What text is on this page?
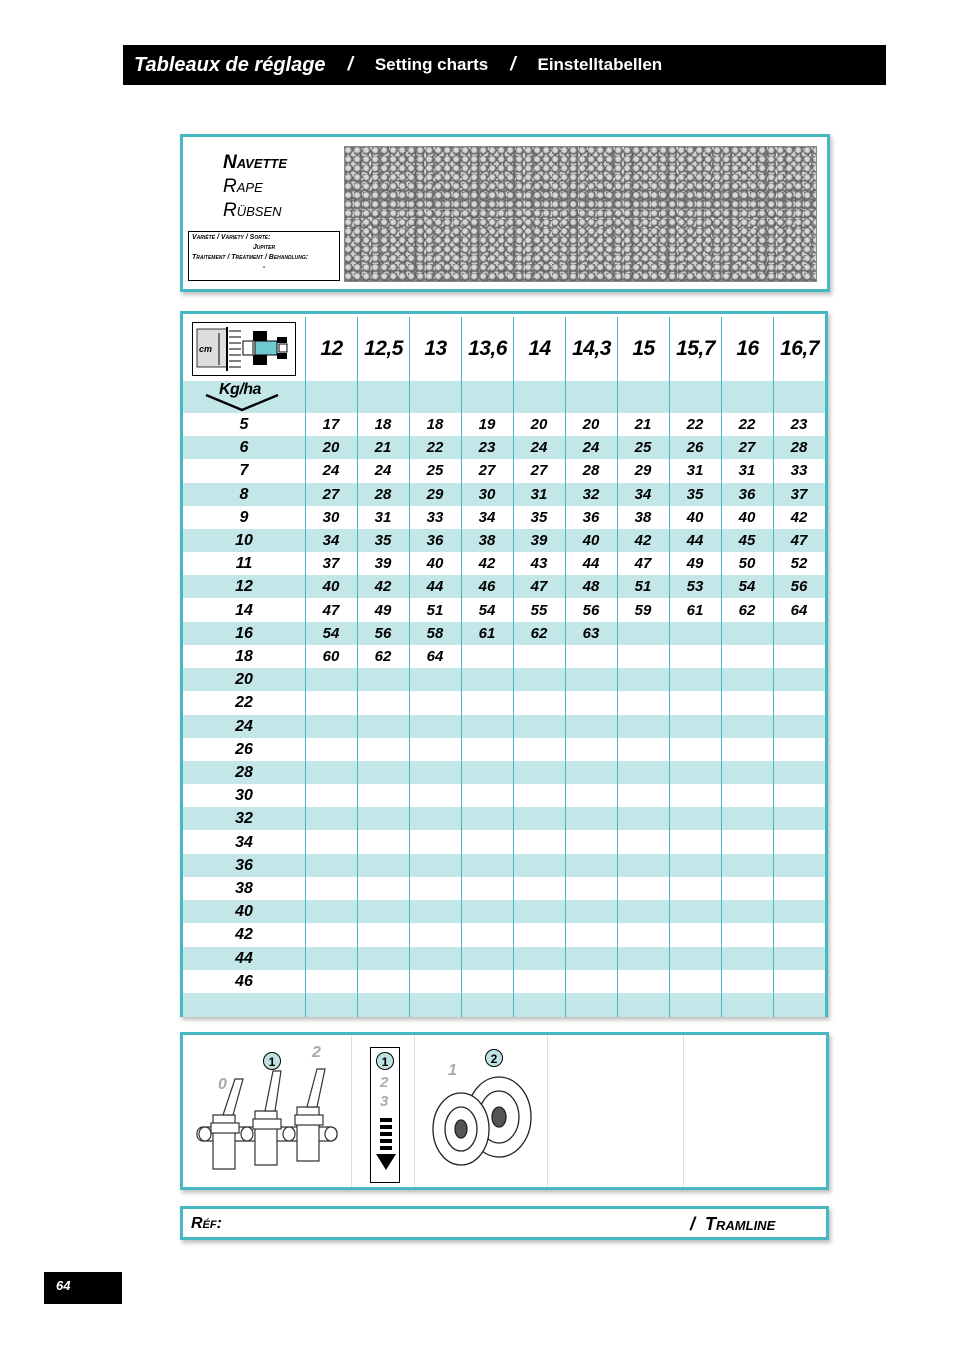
Tableaux de réglage / Setting charts / Einstelltabellen
Navette
Rape
Rübsen
Variété / Variety / Sorte:
Jupiter
Traitement / Treatment / Behandlung:
-
cm	12	12,5	13	13,6	14	14,3	15	15,7	16	16,7
Kg/ha
5	17	18	18	19	20	20	21	22	22	23
6	20	21	22	23	24	24	25	26	27	28
7	24	24	25	27	27	28	29	31	31	33
8	27	28	29	30	31	32	34	35	36	37
9	30	31	33	34	35	36	38	40	40	42
10	34	35	36	38	39	40	42	44	45	47
11	37	39	40	42	43	44	47	49	50	52
12	40	42	44	46	47	48	51	53	54	56
14	47	49	51	54	55	56	59	61	62	64
16	54	56	58	61	62	63
18	60	62	64
20
22
24
26
28
30
32
34
36
38
40
42
44
46
0
1
2
1
2
3
1
2
Réf:	/ Tramline
64
